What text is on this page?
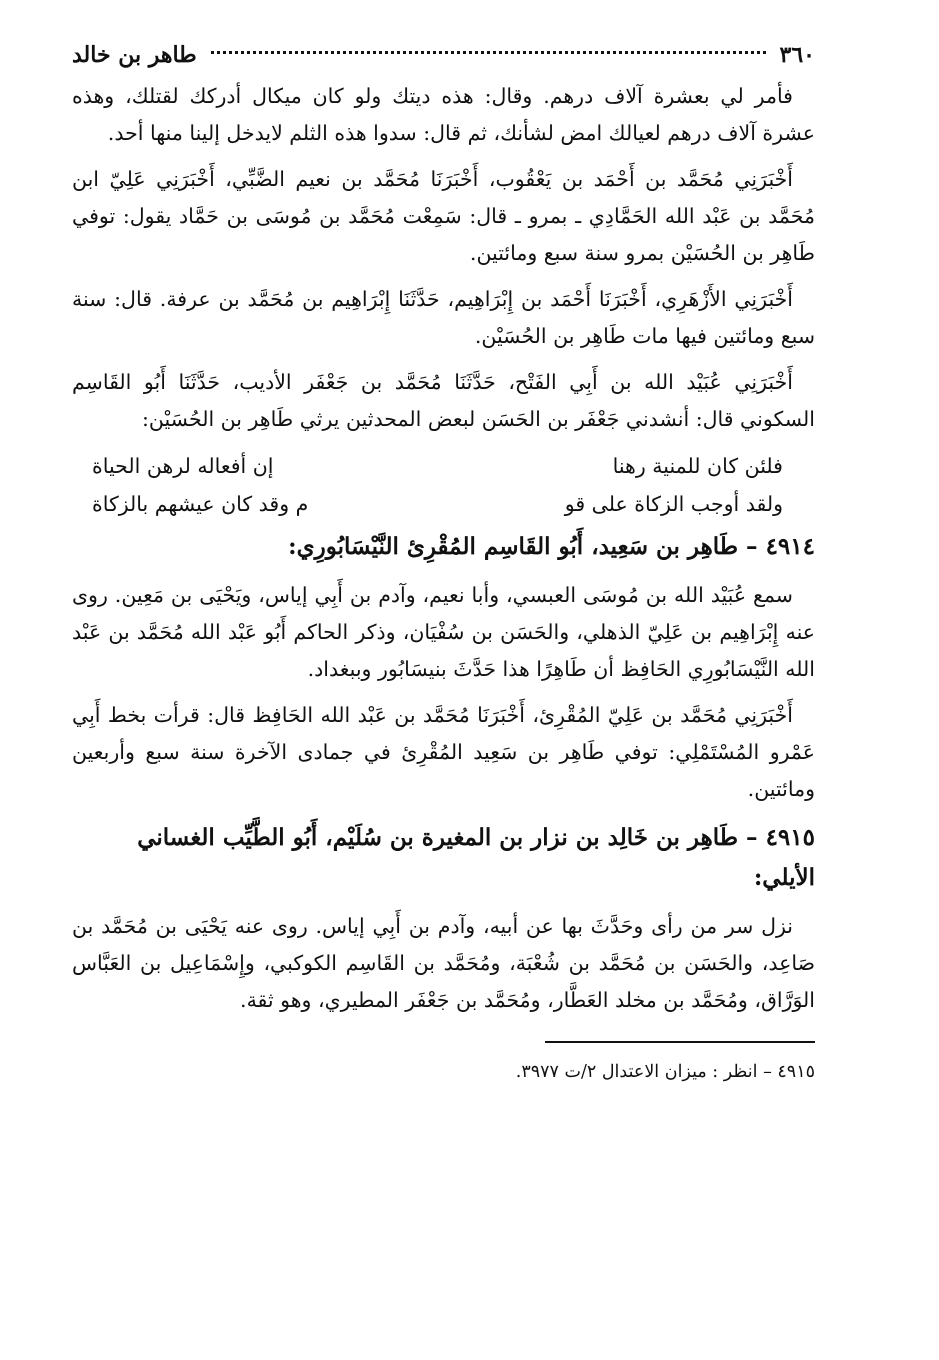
٣٦٠
طاهر بن خالد

فأمر لي بعشرة آلاف درهم. وقال: هذه ديتك ولو كان ميكال أدركك لقتلك، وهذه عشرة آلاف درهم لعيالك امض لشأنك، ثم قال: سدوا هذه الثلم لايدخل إلينا منها أحد.

أَخْبَرَنِي مُحَمَّد بن أَحْمَد بن يَعْقُوب، أَخْبَرَنَا مُحَمَّد بن نعيم الضَّبِّي، أَخْبَرَنِي عَلِيّ ابن مُحَمَّد بن عَبْد الله الحَمَّادِي ـ بمرو ـ قال: سَمِعْت مُحَمَّد بن مُوسَى بن حَمَّاد يقول: توفي طَاهِر بن الحُسَيْن بمرو سنة سبع ومائتين.

أَخْبَرَنِي الأَزْهَرِي، أَخْبَرَنَا أَحْمَد بن إِبْرَاهِيم، حَدَّثَنَا إِبْرَاهِيم بن مُحَمَّد بن عرفة. قال: سنة سبع ومائتين فيها مات طَاهِر بن الحُسَيْن.

أَخْبَرَنِي عُبَيْد الله بن أَبِي الفَتْح، حَدَّثَنَا مُحَمَّد بن جَعْفَر الأديب، حَدَّثَنَا أَبُو القَاسِم السكوني قال: أنشدني جَعْفَر بن الحَسَن لبعض المحدثين يرثي طَاهِر بن الحُسَيْن:

فلئن كان للمنية رهنا
إن أفعاله لرهن الحياة
ولقد أوجب الزكاة على قو
م وقد كان عيشهم بالزكاة
٤٩١٤ – طَاهِر بن سَعِيد، أَبُو القَاسِم المُقْرِئ النَّيْسَابُورِي:

سمع عُبَيْد الله بن مُوسَى العبسي، وأبا نعيم، وآدم بن أَبِي إياس، ويَحْيَى بن مَعِين. روى عنه إِبْرَاهِيم بن عَلِيّ الذهلي، والحَسَن بن سُفْيَان، وذكر الحاكم أَبُو عَبْد الله مُحَمَّد بن عَبْد الله النَّيْسَابُورِي الحَافِظ أن طَاهِرًا هذا حَدَّثَ بنيسَابُور وببغداد.

أَخْبَرَنِي مُحَمَّد بن عَلِيّ المُقْرِئ، أَخْبَرَنَا مُحَمَّد بن عَبْد الله الحَافِظ قال: قرأت بخط أَبِي عَمْرو المُسْتَمْلِي: توفي طَاهِر بن سَعِيد المُقْرِئ في جمادى الآخرة سنة سبع وأربعين ومائتين.

٤٩١٥ – طَاهِر بن خَالِد بن نزار بن المغيرة بن سُلَيْم، أَبُو الطَّيِّب الغساني الأيلي:

نزل سر من رأى وحَدَّثَ بها عن أبيه، وآدم بن أَبِي إياس. روى عنه يَحْيَى بن مُحَمَّد بن صَاعِد، والحَسَن بن مُحَمَّد بن شُعْبَة، ومُحَمَّد بن القَاسِم الكوكبي، وإِسْمَاعِيل بن العَبَّاس الوَرَّاق، ومُحَمَّد بن مخلد العَطَّار، ومُحَمَّد بن جَعْفَر المطيري، وهو ثقة.

٤٩١٥ – انظر : ميزان الاعتدال ٢/ت ٣٩٧٧.
